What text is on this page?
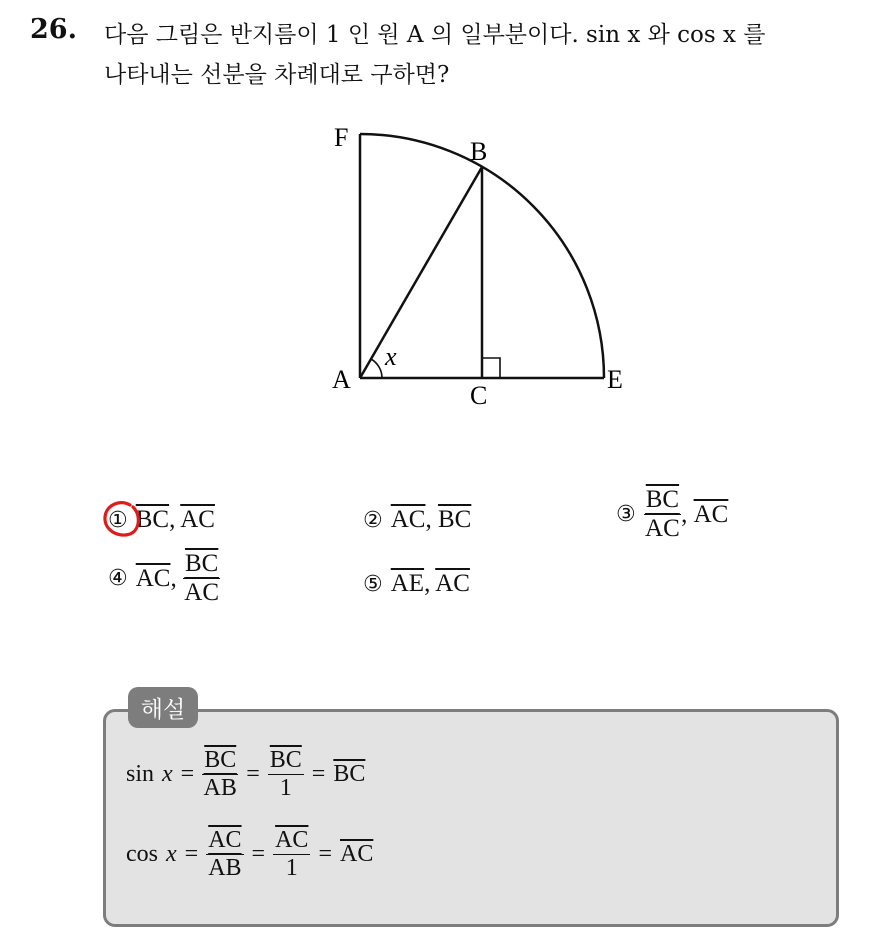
26. 다음 그림은 반지름이 1 인 원 A 의 일부분이다. sin x 와 cos x 를
나타내는 선분을 차례대로 구하면?
F	B
A
C
E
x
① $\overline{BC}$, $\overline{AC}$	② $\overline{AC}$, $\overline{BC}$	③ $\frac{\overline{BC}}{AC}$ , $\overline{AC}$
④ $\overline{AC}$ , $\frac{\overline{BC}}{AC}$	⑤ $\overline{AE}$, $\overline{AC}$
해설
$\sin x = \frac{\overline{BC}}{AB} = \frac{\overline{BC}}{1} = \overline{BC}$
$\cos x = \frac{\overline{AC}}{AB} = \frac{\overline{AC}}{1} = \overline{AC}$
